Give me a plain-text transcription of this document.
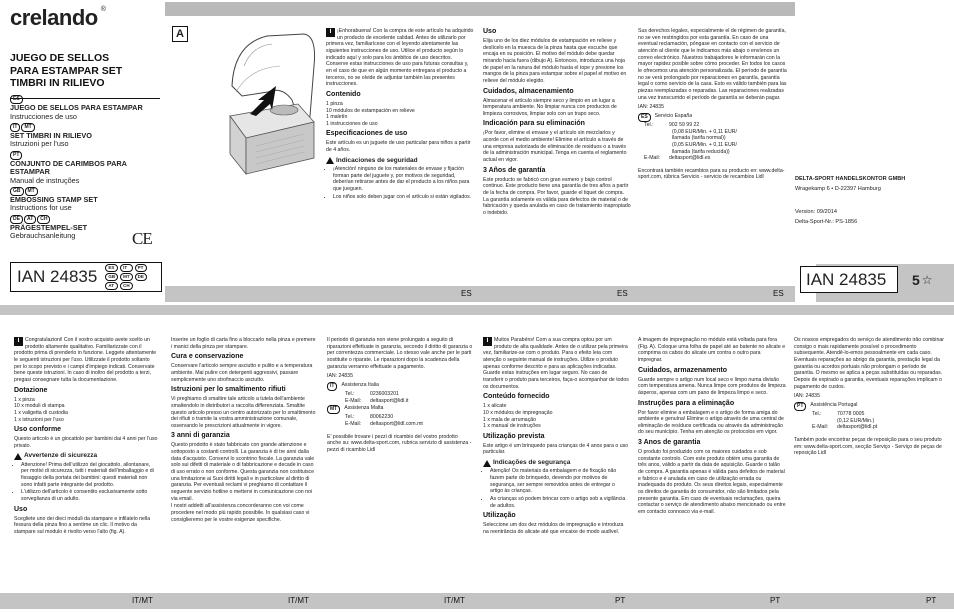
crelando ®
JUEGO DE SELLOS PARA ESTAMPAR SET TIMBRI IN RILIEVO
ES
JUEGO DE SELLOS PARA ESTAMPAR
Instrucciones de uso
IT MT
SET TIMBRI IN RILIEVO
Istruzioni per l'uso
PT
CONJUNTO DE CARIMBOS PARA ESTAMPAR
Manual de instruções
GB MT
EMBOSSING STAMP SET
Instructions for use
DE AT CH
PRÄGESTEMPEL-SET
Gebrauchsanleitung	CE
IAN 24835	ES	IT	PT
GB	MT	DE
AT	CH
ES	ES	ES
A	i	¡Enhorabuena! Con la compra de este artículo ha adquirido un producto de excelente calidad. Antes de utilizarlo por primera vez, familiarícese con el leyendo atentamente las siguientes instrucciones de uso. Utilice el producto según lo indicado aquí y solo para los ámbitos de uso descritos. Conserve estas instrucciones de uso para futuras consultas y, en el caso de que en algún momento entregara el producto a terceros, no se olvide de adjuntar también las presentes instrucciones.

Contenido
1 pinza
10 módulos de estampación en relieve
1 maletín
1 instrucciones de uso
Especificaciones de uso

Este artículo es un juguete de uso particular para niños a partir de 4 años.

Indicaciones de seguridad
• ¡Atención! ninguno de los materiales de envase y fijación forman parte del juguete y, por motivos de seguridad, deberían retirarse antes de dar el producto a los niños para que jueguen.
• Los niños solo deben jugar con el artículo si están vigilados.
Uso

Elija uno de los diez módulos de estampación en relieve y deslícelo en la muesca de la pinza hasta que escuche que encaja en su posición. El motivo del módulo debe quedar mirando hacia fuera (dibujo A). Entonces, introduzca una hoja de papel en la ranura del módulo hasta el tope y presione los mangos de la pinza para estampar sobre el papel el motivo en relieve del módulo elegido.

Cuidados, almacenamiento

Almacenar el artículo siempre seco y limpio en un lugar a temperatura ambiente. No limpiar nunca con productos de limpieza corrosivos, limpiar solo con un trapo seco.

Indicación para su eliminación

¡Por favor, elimine el envase y el artículo sin mezclarlos y acorde con el medio ambiente! Elimine el artículo a través de una empresa autorizada de eliminación de residuos o a través de la administración municipal. Tenga en cuenta el reglamento actual en vigor.

3 Años de garantía

Este producto se fabricó con gran esmero y bajo control continuo. Este producto tiene una garantía de tres años a partir de la fecha de compra. Por favor, guarde el tiquet de compra. La garantía solamente es válida para defectos de material o de fabricación y queda anulada en caso de tratamiento inapropiado o indebido.

Sus derechos legales, especialmente el de régimen de garantía, no se ven restringidos por esta garantía. En caso de una eventual reclamación, póngase en contacto con el servicio de atención al cliente que le indicamos más abajo o envíenos un correo electrónico. Nuestros trabajadores le informarán con la mayor rapidez posible sobre cómo proceder. En todos los casos le ofrecemos una atención personalizada. El período de garantía no se verá prolongado por reparaciones en garantía, garantía legal o como servicio de la casa. Esto es válido también para las piezas reemplazadas o reparadas. Las reparaciones realizadas una vez transcurrido el período de garantía se deberán pagar.

IAN: 24835

ES	Servicio España
Tel.:	902 59 99 22
(0,08 EUR/Min. + 0,11 EUR/ llamada (tarifa normal))
(0,05 EUR/Min. + 0,11 EUR/ llamada (tarifa reducida))
E-Mail:	deltasport@lidl.es

Encontrará también recambios para su producto en: www.delta-sport.com, rúbrica Servicio - servicio de recambios Lidl	DELTA-SPORT HANDELSKONTOR GMBH

Wragekamp 6 • D-22397 Hamburg

Version: 09/2014

Delta-Sport-Nr.: PS-1856

IAN 24835 5 ☆
IT/MT	IT/MT	IT/MT	PT	PT	PT

i	Congratulazioni! Con il vostro acquisto avete scelto un prodotto altamente qualitativo. Familiarizzate con il prodotto prima di prenderlo in funzione. Leggete attentamente le seguenti istruzioni per l'uso. Utilizzate il prodotto soltanto per lo scopo previsto e i campi d'impiego indicati. Conservate bene queste istruzioni. In caso di inoltro del prodotto a terzi, pregasi consegnare tutta la documentazione.

Dotazione
1 x pinza
10 x moduli di stampa
1 x valigetta di custodia
1 x istruzioni per l'uso
Uso conforme

Questo articolo è un giocattolo per bambini dai 4 anni per l'uso privato.

Avvertenze di sicurezza
• Attenzione! Prima dell'utilizzo del giocattolo, allontanare, per motivi di sicurezza, tutti i materiali dell'imballaggio e di fissaggio della portata dei bambini: questi materiali non sono infatti parte integrante del prodotto.
• L'utilizzo dell'articolo è consentito esclusivamente sotto sorveglianza di un adulto.
Uso

Scegliete uno dei dieci moduli da stampare e infilatelo nella fessura della pinza fino a sentirne un clic. Il motivo da stampare sul modulo è rivolto verso l'alto (fig. A).

Inserire un foglio di carta fino a bloccarlo nella pinza e premere i manici della pinza per stampare.

Cura e conservazione

Conservare l'articolo sempre asciutto e pulito e a temperatura ambiente. Mai pulire con detergenti aggressivi, passare semplicemente uno strofinaccio asciutto.

Istruzioni per lo smaltimento rifiuti

Vi preghiamo di smaltire tale articolo a tutela dell'ambiente smaltendolo in distributori a raccolta differenziata. Smaltite questo articolo presso un centro autorizzato per lo smaltimento dei rifiuti o tramite la vostra amministrazione comunale, osservando le prescrizioni attualmente in vigore.

3 anni di garanzia

Questo prodotto è stato fabbricato con grande attenzione e sottoposto a costanti controlli. La garanzia è di tre anni dalla data d'acquisto. Conservi lo scontrino fiscale. La garanzia vale solo sui difetti di materiale o di fabbricazione e decade in caso di uso errato o non conforme. Questa garanzia non costituisce una limitazione ai Suoi diritti legali e in particolare al diritto di garanzia. Per eventuali reclami vi preghiamo di contattare il seguente servizio hotline o mettervi in comunicazione con noi via email.

I nostri addetti all'assistenza concorderanno con voi come procedere nel modo più rapido possibile. In qualsiasi caso vi consiglieremo per le vostre esigenze specifiche.

Il periodo di garanzia non viene prolungato a seguito di riparazioni effettuate in garanzia, secondo il diritto di garanzia o per correntezza commerciale. Lo stesso vale anche per le parti sostituite o riparate. Le riparazioni dopo la scadenza della garanzia verranno effettuate a pagamento.

IAN: 24835

IT	Assistenza Italia
Tel.:	0236003201
E-Mail:	deltasport@lidl.it
MT	Assistenza Malta
Tel.:	80062230
E-Mail:	deltasport@lidl.com.mt

E' possibile trovare i pezzi di ricambio del vostro prodotto anche su: www.delta-sport.com, rubrica servizio di assistenza - pezzi di ricambio Lidl

i	Muitos Parabéns! Com a sua compra optou por um produto de alta qualidade. Antes de o utilizar pela primeira vez, familiarize-se com o produto. Para o efeito leia com atenção o seguinte manual de instruções. Utilize o produto apenas conforme descrito e para as aplicações indicadas. Guarde estas instruções em lugar seguro. No caso de transferir o produto para terceiros, faça-o acompanhar de todos os documentos.

Conteúdo fornecido
1 x alicate
10 x módulos de impregnação
1 x mala de arrumação
1 x manual de instruções
Utilização prevista

Este artigo é um brinquedo para crianças de 4 anos para o uso particular.

Indicações de segurança
• Atenção! Os materiais da embalagem e de fixação não fazem parte do brinquedo, devendo por motivos de segurança, ser sempre removidos antes de entregar o artigo às crianças.
• As crianças só podem brincar com o artigo sob a vigilância de adultos.
Utilização

Seleccione um dos dez módulos de impregnação e introduza na reentrância do alicate até que encaixe de modo audível.

A imagem de impregnação no módulo está voltada para fora (Fig. A). Coloque uma folha de papel até ao batente no alicate e comprima os cabos do alicate um contra o outro para impregnar.

Cuidados, armazenamento

Guarde sempre o artigo num local seco e limpo numa divisão com temperatura amena. Nunca limpe com produtos de limpeza ásperos, apenas com um pano de limpeza limpo e seco.

Instruções para a eliminação

Por favor elimine a embalagem e o artigo de forma amiga do ambiente e genuína! Elimine o artigo através de uma central de eliminação de resíduos certificada ou através da administração do seu município. Tenha em atenção os protocolos em vigor.

3 Anos de garantia

O produto foi produzido com os maiores cuidados e sob constante controlo. Com este produto obtém uma garantia de três anos, válido a partir da data de aquisição. Guarde o talão de compra. A garantia apenas é válida para defeitos de material e fabrico e é anulada em caso de utilização errada ou inadequada do produto. Os seus direitos legais, especialmente os direitos de garantia do consumidor, não são limitados pela presente garantia. Em caso de eventuais reclamações, queira contactar o serviço de atendimento abaixo mencionado ou entre em contacto connosco via e-mail.

Os nossos empregados do serviço de atendimento irão combinar consigo o mais rapidamente possível o procedimento subsequente. Atendê-lo-emos pessoalmente em cada caso. Eventuais reparações ao abrigo da garantia, prestação legal da garantia ou acordos portuais não prolongam o período de garantia. O mesmo se aplica a peças substituídas ou reparadas. Depois de expirado a garantia, eventuais reparações implicam o pagamento de custos.

IAN: 24835

PT	Assistência Portugal
Tel.:	70778 0005
(0,12 EUR/Min.)
E-Mail:	deltasport@lidl.pt

Também pode encontrar peças de reposição para o seu produto em: www.delta-sport.com, secção Serviço - Serviço de peças de reposição Lidl
